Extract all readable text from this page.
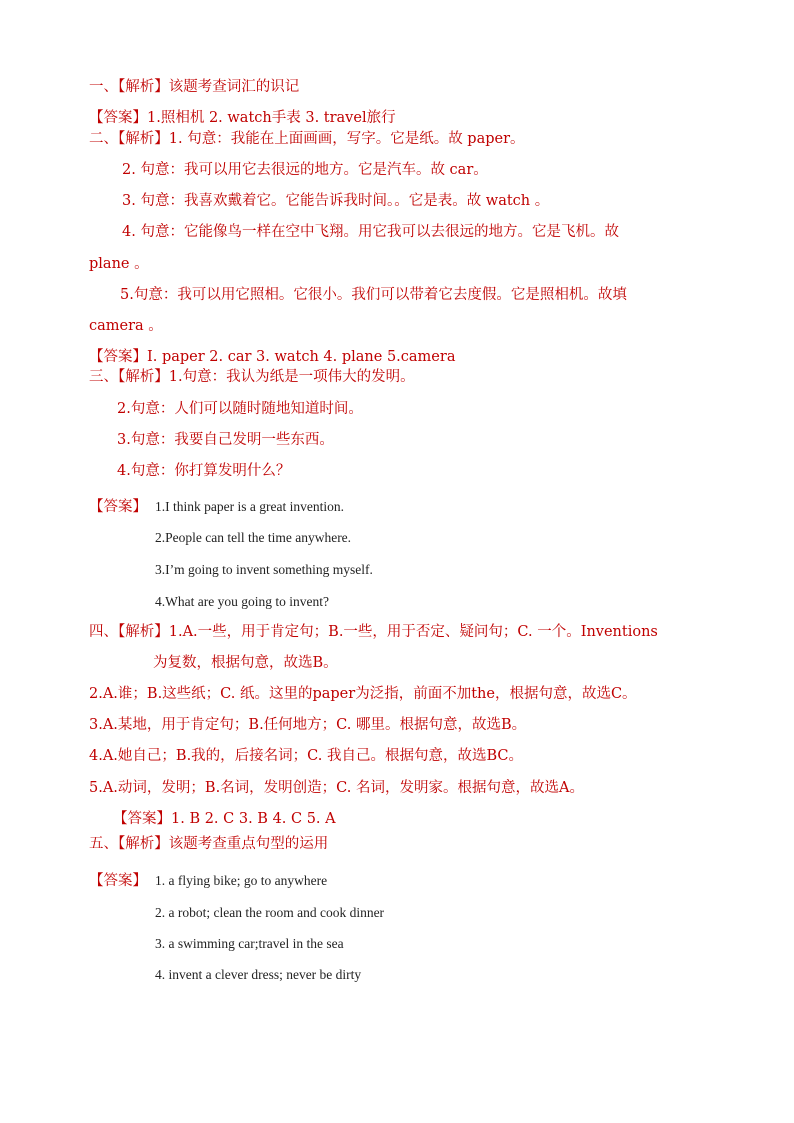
一、【解析】该题考查词汇的识记
【答案】1.照相机 2. watch手表 3. travel旅行
二、【解析】1. 句意：我能在上面画画，写字。它是纸。故 paper。
2. 句意：我可以用它去很远的地方。它是汽车。故 car。
3. 句意：我喜欢戴着它。它能告诉我时间。。它是表。故 watch 。
4. 句意：它能像鸟一样在空中飞翔。用它我可以去很远的地方。它是飞机。故
plane 。
5.句意：我可以用它照相。它很小。我们可以带着它去度假。它是照相机。故填
camera 。
【答案】I. paper 2. car 3. watch 4. plane 5.camera
三、【解析】1.句意：我认为纸是一项伟大的发明。
2.句意：人们可以随时随地知道时间。
3.句意：我要自己发明一些东西。
4.句意：你打算发明什么？
【答案】 1.I think paper is a great invention.
2.People can tell the time anywhere.
3.I’m going to invent something myself.
4.What are you going to invent?
四、【解析】1.A.一些，用于肯定句；B.一些，用于否定、疑问句；C. 一个。Inventions
为复数，根据句意，故选B。
2.A.谁；B.这些纸；C. 纸。这里的paper为泛指，前面不加the，根据句意，故选C。
3.A.某地，用于肯定句；B.任何地方；C. 哪里。根据句意，故选B。
4.A.她自己；B.我的，后接名词；C. 我自己。根据句意，故选BC。
5.A.动词，发明；B.名词，发明创造；C. 名词，发明家。根据句意，故选A。
【答案】1. B 2. C 3. B 4. C 5. A
五、【解析】该题考查重点句型的运用
【答案】 1. a flying bike; go to anywhere
2. a robot; clean the room and cook dinner
3. a swimming car;travel in the sea
4. invent a clever dress; never be dirty
